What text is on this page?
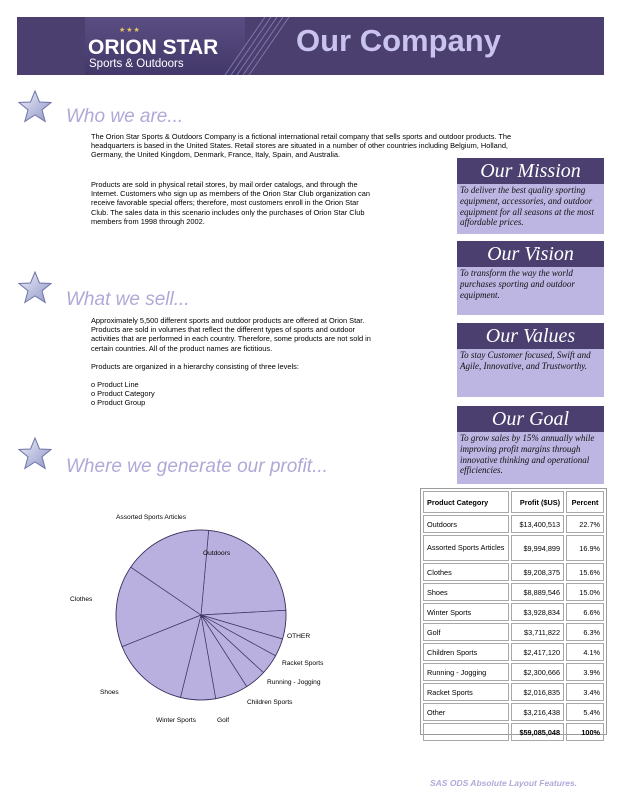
★★★
ORION STAR
Sports & Outdoors
Our Company
Who we are...
The Orion Star Sports & Outdoors Company is a fictional international retail company that sells sports and outdoor products. The headquarters is based in the United States. Retail stores are situated in a number of other countries including Belgium, Holland, Germany, the United Kingdom, Denmark, France, Italy, Spain, and Australia.
Products are sold in physical retail stores, by mail order catalogs, and through the Internet. Customers who sign up as members of the Orion Star Club organization can receive favorable special offers; therefore, most customers enroll in the Orion Star Club. The sales data in this scenario includes only the purchases of Orion Star Club members from 1998 through 2002.
What we sell...
Approximately 5,500 different sports and outdoor products are offered at Orion Star. Products are sold in volumes that reflect the different types of sports and outdoor activities that are performed in each country. Therefore, some products are not sold in certain countries. All of the product names are fictitious.
Products are organized in a hierarchy consisting of three levels:

o Product Line

o Product Category

o Product Group

Where we generate our profit...
Our Mission
To deliver the best quality sporting equipment, accessories, and outdoor equipment for all seasons at the most affordable prices.
Our Vision
To transform the way the world purchases sporting and outdoor equipment.
Our Values
To stay Customer focused, Swift and Agile, Innovative, and Trustworthy.
Our Goal
To grow sales by 15% annually while improving profit margins through innovative thinking and operational efficiencies.
Outdoors
Assorted Sports Articles
Clothes
Shoes
Winter Sports	Golf
Children Sports
Running - Jogging
Racket Sports
OTHER
Product Category	Profit ($US)	Percent
Outdoors	$13,400,513	22.7%
Assorted Sports Articles	$9,994,899	16.9%
Clothes	$9,208,375	15.6%
Shoes	$8,889,546	15.0%
Winter Sports	$3,928,834	6.6%
Golf	$3,711,822	6.3%
Children Sports	$2,417,120	4.1%
Running - Jogging	$2,300,666	3.9%
Racket Sports	$2,016,835	3.4%
Other	$3,216,438	5.4%
	$59,085,048	100%
SAS ODS Absolute Layout Features.
